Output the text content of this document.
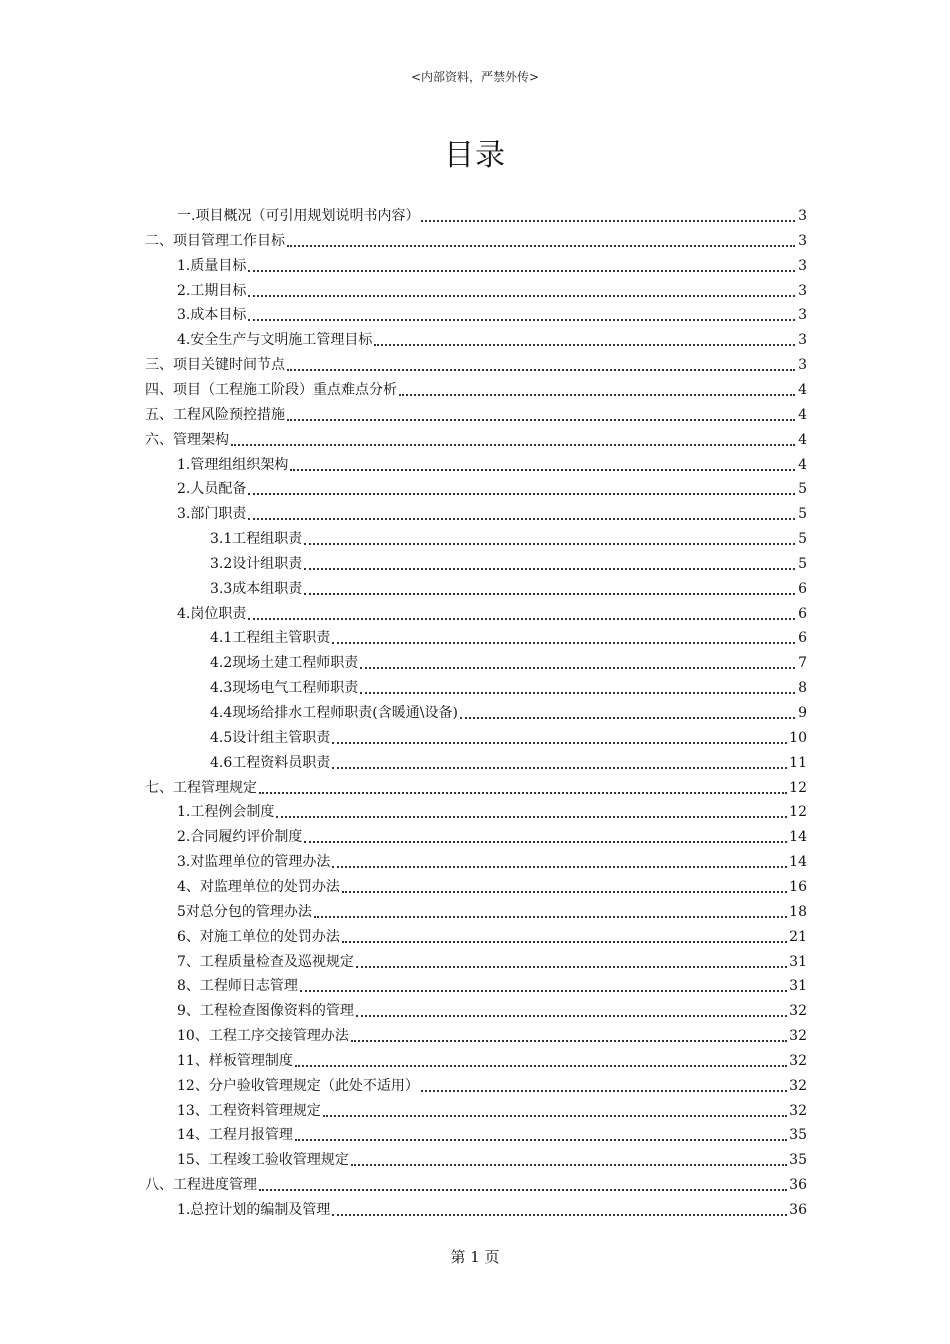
<内部资料，严禁外传>
目录
一.项目概况（可引用规划说明书内容）	3
二、项目管理工作目标	3
1.质量目标	3
2.工期目标	3
3.成本目标	3
4.安全生产与文明施工管理目标	3
三、项目关键时间节点	3
四、项目（工程施工阶段）重点难点分析	4
五、工程风险预控措施	4
六、管理架构	4
1.管理组组织架构	4
2.人员配备	5
3.部门职责	5
3.1工程组职责	5
3.2设计组职责	5
3.3成本组职责	6
4.岗位职责	6
4.1工程组主管职责	6
4.2现场土建工程师职责	7
4.3现场电气工程师职责	8
4.4现场给排水工程师职责(含暖通\设备)	9
4.5设计组主管职责	10
4.6工程资料员职责	11
七、工程管理规定	12
1.工程例会制度	12
2.合同履约评价制度	14
3.对监理单位的管理办法	14
4、对监理单位的处罚办法	16
5对总分包的管理办法	18
6、对施工单位的处罚办法	21
7、工程质量检查及巡视规定	31
8、工程师日志管理	31
9、工程检查图像资料的管理	32
10、工程工序交接管理办法	32
11、样板管理制度	32
12、分户验收管理规定（此处不适用）	32
13、工程资料管理规定	32
14、工程月报管理	35
15、工程竣工验收管理规定	35
八、工程进度管理	36
1.总控计划的编制及管理	36
第 1 页
